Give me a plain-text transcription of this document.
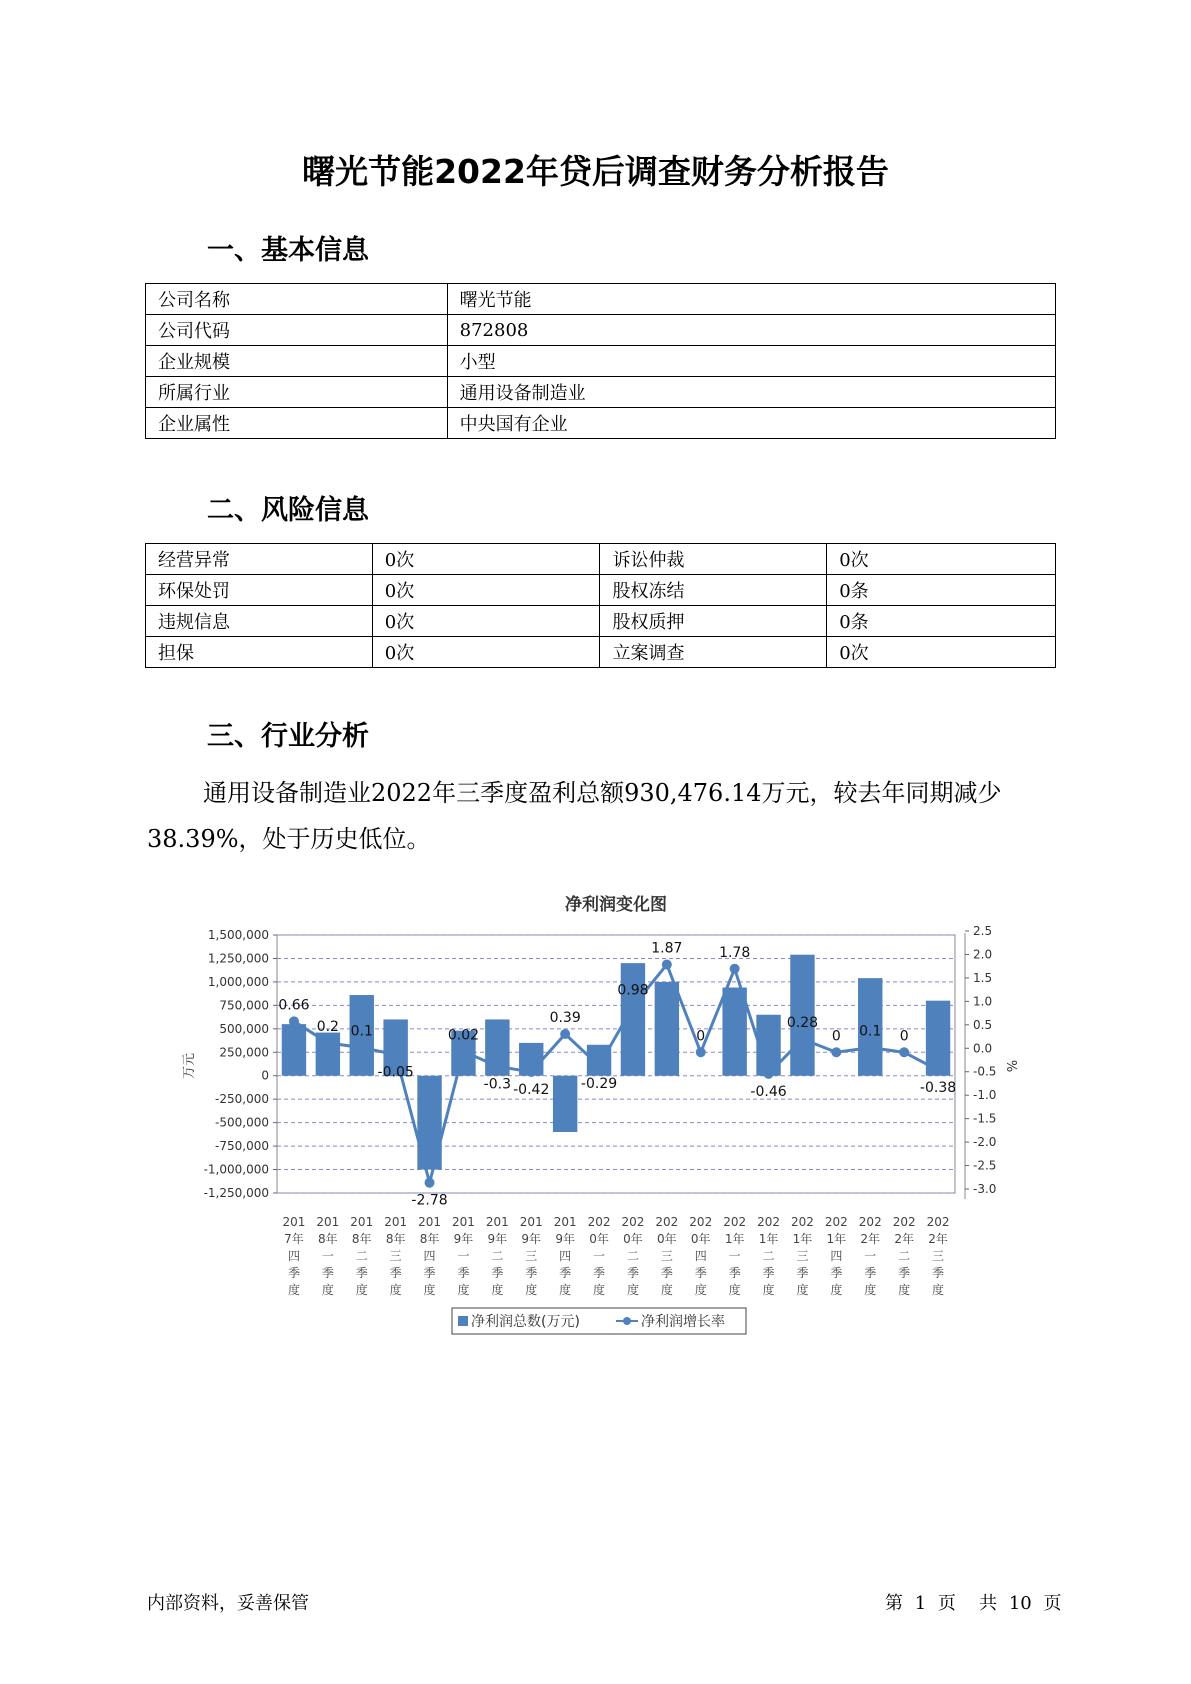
曙光节能2022年贷后调查财务分析报告
一、基本信息
公司名称	曙光节能
公司代码	872808
企业规模	小型
所属行业	通用设备制造业
企业属性	中央国有企业
二、风险信息
经营异常	0次	诉讼仲裁	0次
环保处罚	0次	股权冻结	0条
违规信息	0次	股权质押	0条
担保	0次	立案调查	0次
三、行业分析
通用设备制造业2022年三季度盈利总额930,476.14万元，较去年同期减少38.39%，处于历史低位。
净利润变化图
1,500,000
1,250,000
1,000,000
750,000
500,000
250,000
0
-250,000
-500,000
-750,000
-1,000,000
-1,250,000
2.5
2.0
1.5
1.0
0.5
0.0
-0.5
-1.0
-1.5
-2.0
-2.5
-3.0
万元	%
201
7年
四
季
度
201
8年
一
季
度
201
8年
二
季
度
201
8年
三
季
度
201
8年
四
季
度
201
9年
一
季
度
201
9年
二
季
度
201
9年
三
季
度
201
9年
四
季
度
202
0年
一
季
度
202
0年
二
季
度
202
0年
三
季
度
202
0年
四
季
度
202
1年
一
季
度
202
1年
二
季
度
202
1年
三
季
度
202
1年
四
季
度
202
2年
一
季
度
202
2年
二
季
度
202
2年
三
季
度
0.66
0.2 0.1
-0.05
-2.78
0.02
-0.3 -0.42
0.39
-0.29
0.98
1.87
0
1.78
-0.46
0.28
0 0.1 0
-0.38
净利润总数(万元)	净利润增长率
内部资料，妥善保管	第 1 页 共 10 页
